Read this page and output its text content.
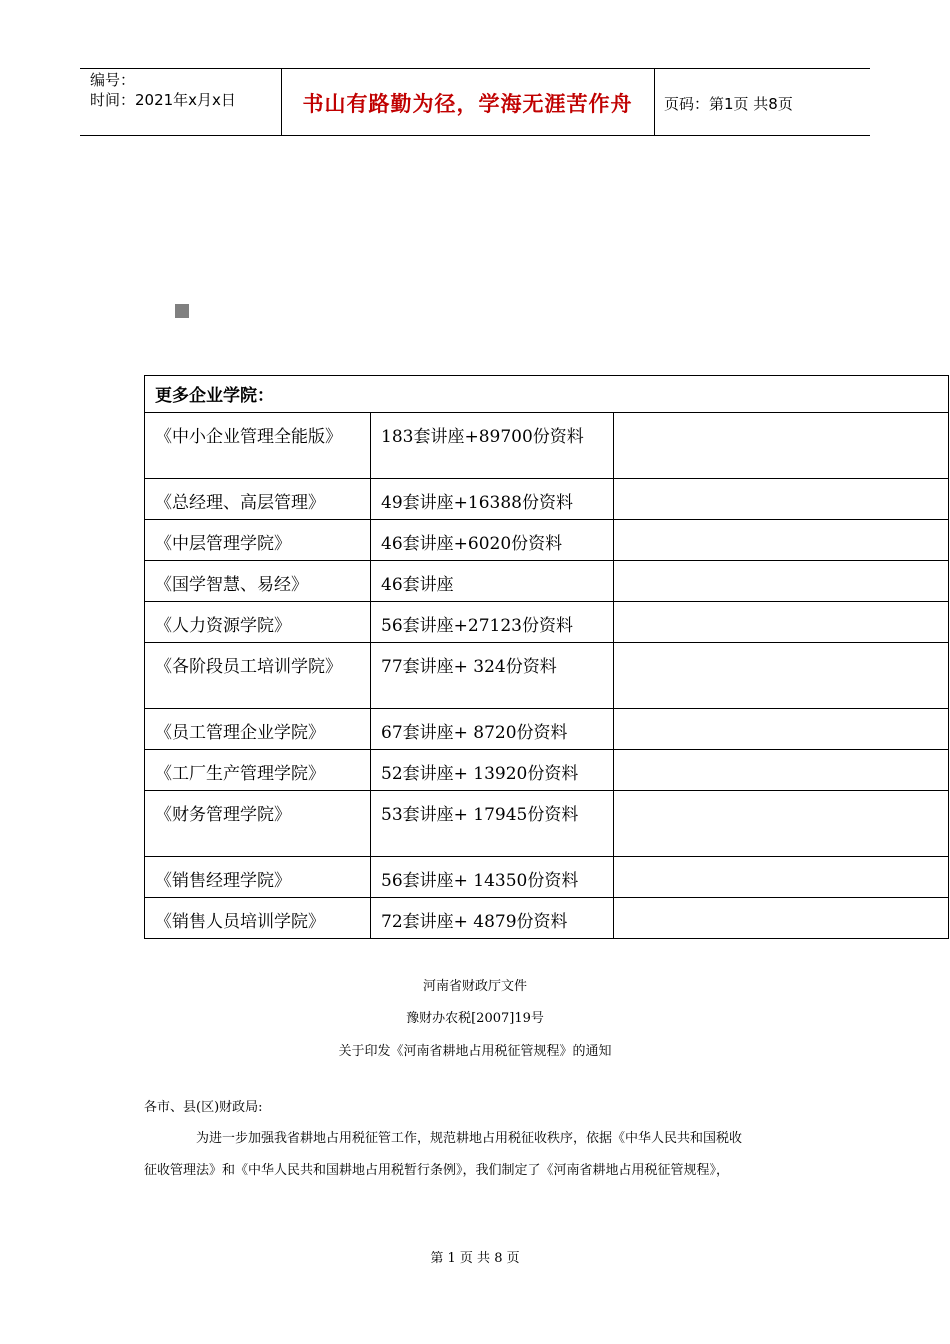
编号：
时间：2021年x月x日	书山有路勤为径，学海无涯苦作舟	页码：第1页 共8页
更多企业学院：		
《中小企业管理全能版》	183套讲座+89700份资料	
《总经理、高层管理》	49套讲座+16388份资料	
《中层管理学院》	46套讲座+6020份资料	
《国学智慧、易经》	46套讲座	
《人力资源学院》	56套讲座+27123份资料	
《各阶段员工培训学院》	77套讲座+ 324份资料	
《员工管理企业学院》	67套讲座+ 8720份资料	
《工厂生产管理学院》	52套讲座+ 13920份资料	
《财务管理学院》	53套讲座+ 17945份资料	
《销售经理学院》	56套讲座+ 14350份资料	
《销售人员培训学院》	72套讲座+ 4879份资料	
河南省财政厅文件
豫财办农税[2007]19号
关于印发《河南省耕地占用税征管规程》的通知
各市、县(区)财政局:
为进一步加强我省耕地占用税征管工作，规范耕地占用税征收秩序，依据《中华人民共和国税收
征收管理法》和《中华人民共和国耕地占用税暂行条例》，我们制定了《河南省耕地占用税征管规程》，
第 1 页 共 8 页
